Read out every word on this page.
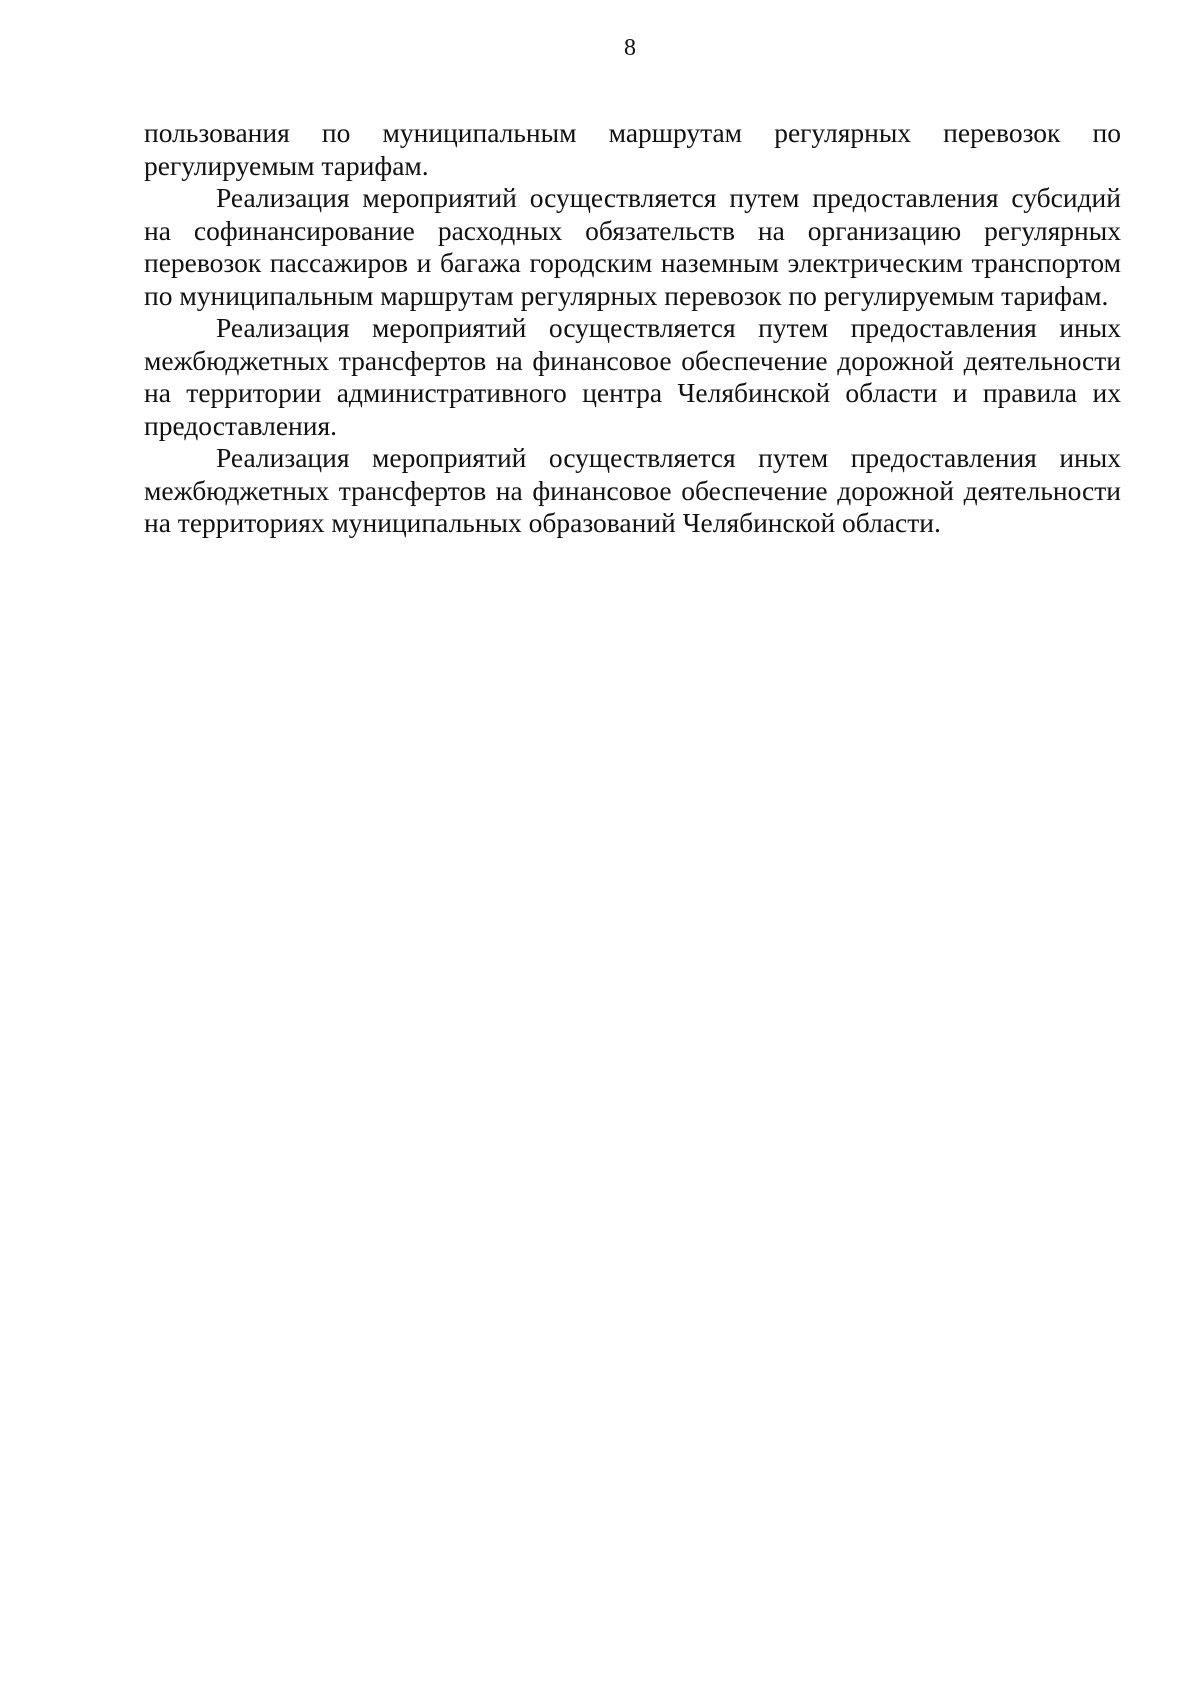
8

пользования по муниципальным маршрутам регулярных перевозок по регулируемым тарифам.

Реализация мероприятий осуществляется путем предоставления субсидий на софинансирование расходных обязательств на организацию регулярных перевозок пассажиров и багажа городским наземным электрическим транспортом по муниципальным маршрутам регулярных перевозок по регулируемым тарифам.

Реализация мероприятий осуществляется путем предоставления иных межбюджетных трансфертов на финансовое обеспечение дорожной деятельности на территории административного центра Челябинской области и правила их предоставления.

Реализация мероприятий осуществляется путем предоставления иных межбюджетных трансфертов на финансовое обеспечение дорожной деятельности на территориях муниципальных образований Челябинской области.
